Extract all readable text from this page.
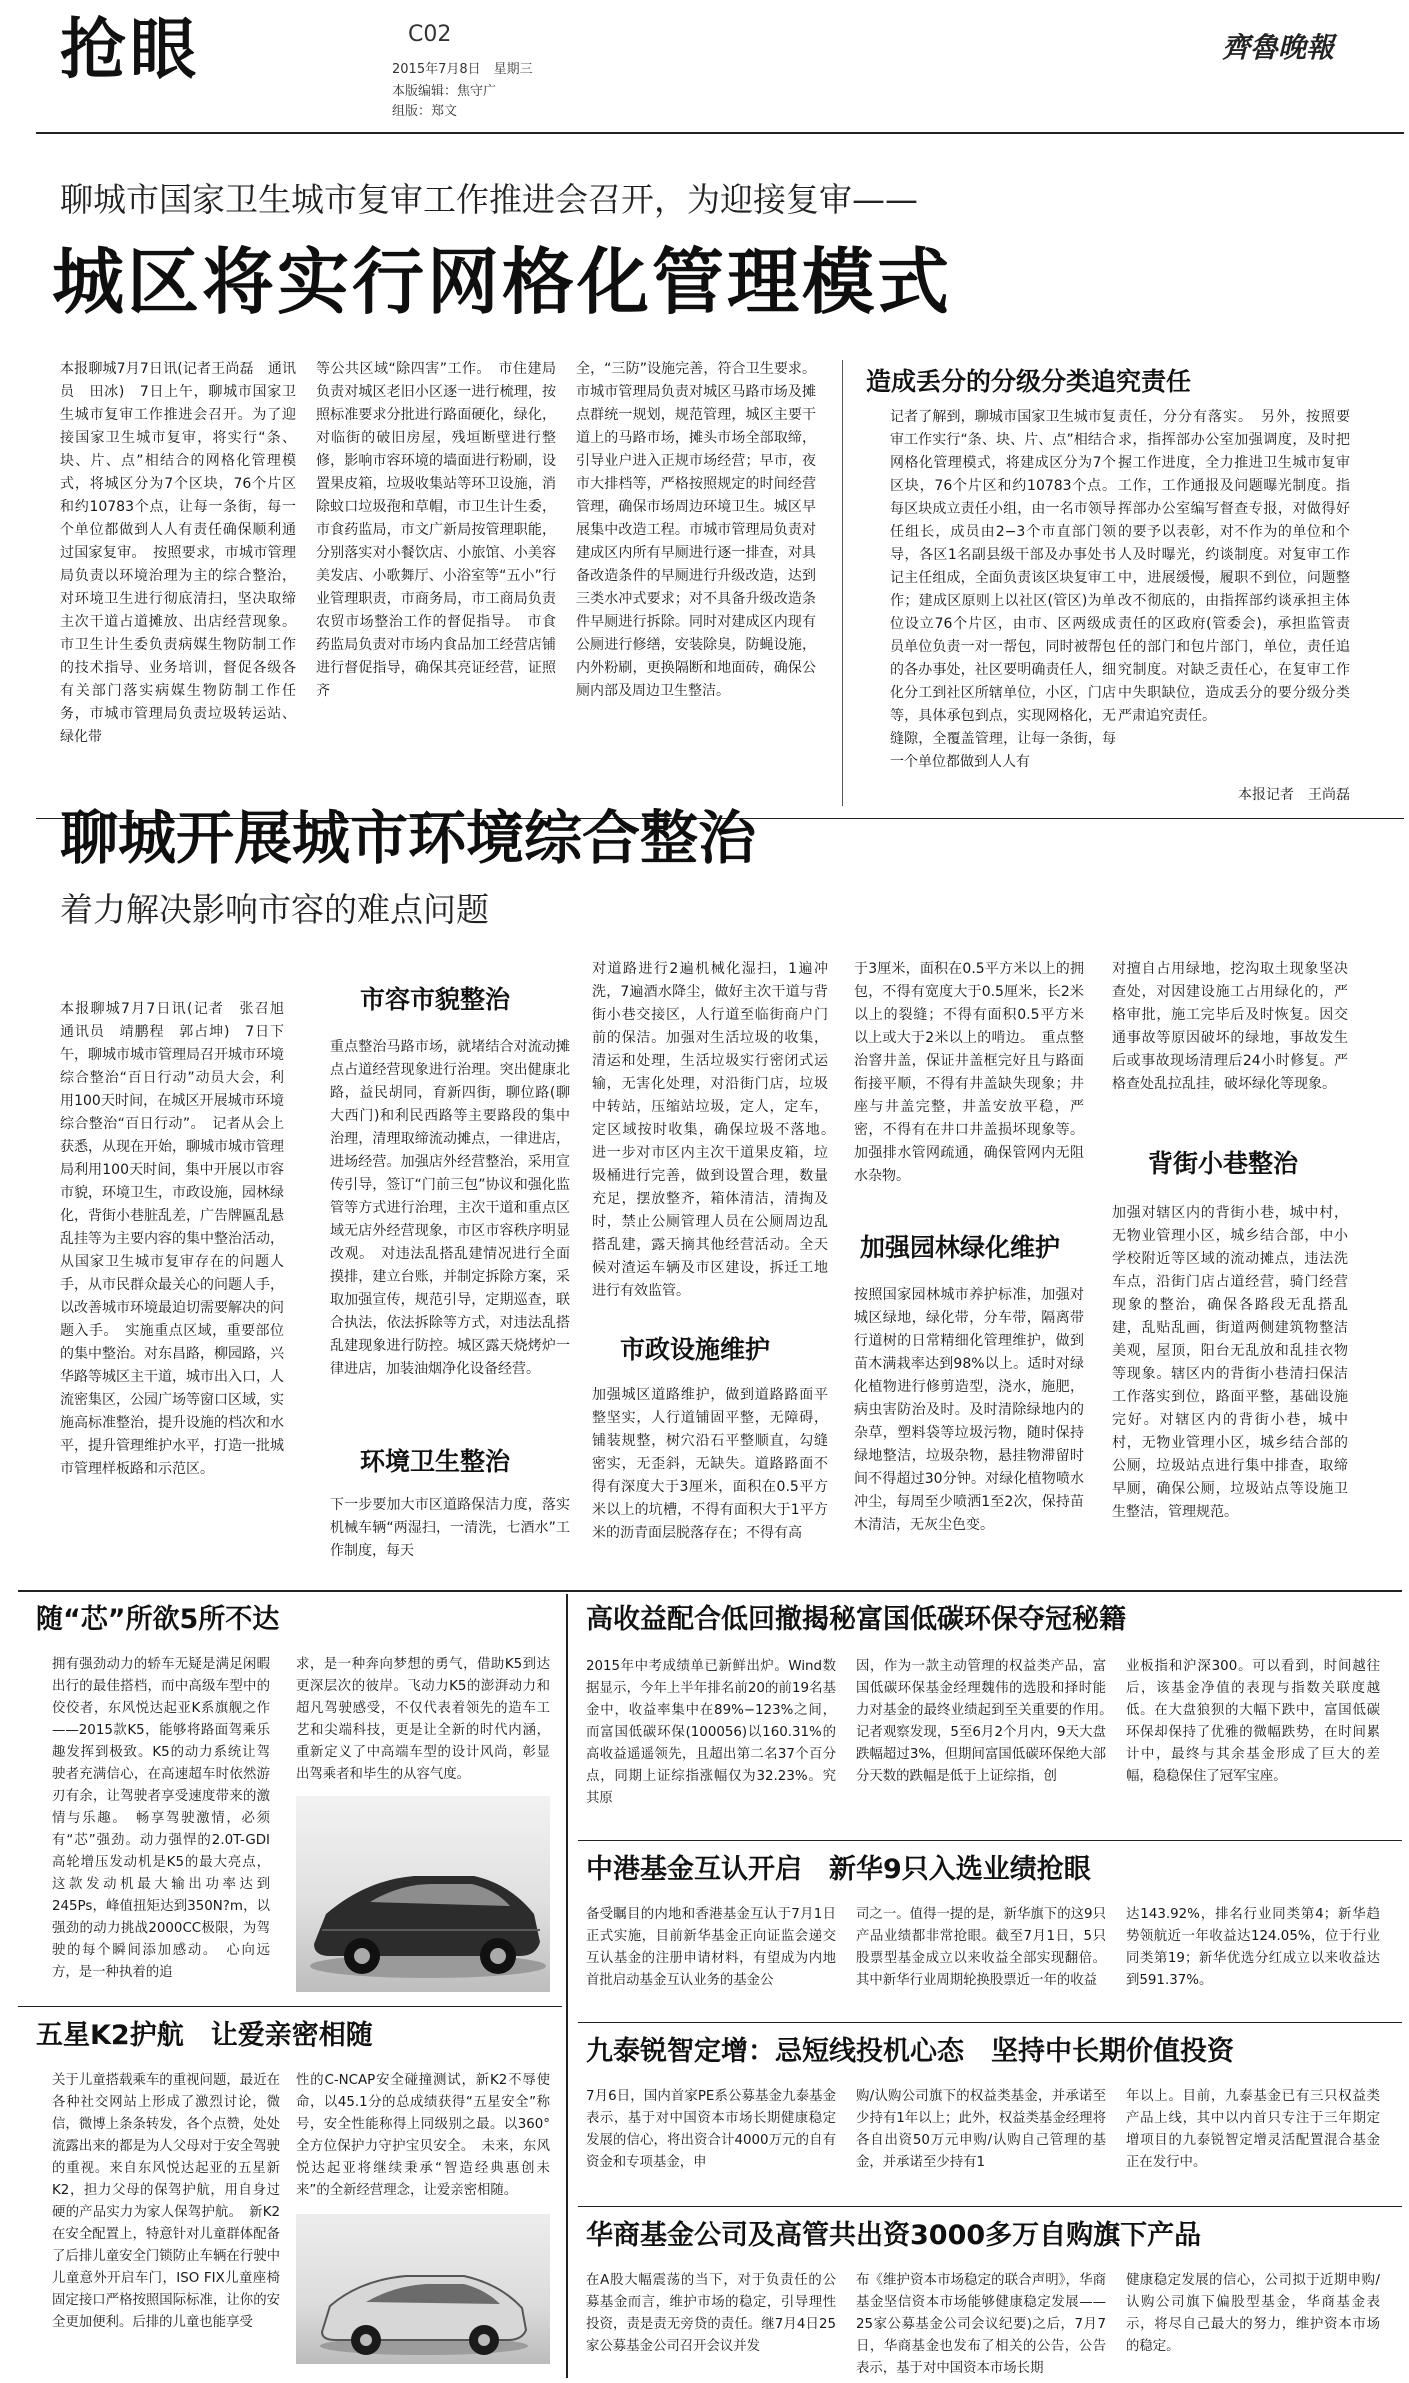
抢眼	C02
2015年7月8日　星期三
本版编辑：焦守广
组版：郑文
齊魯晚報
聊城市国家卫生城市复审工作推进会召开，为迎接复审——
城区将实行网格化管理模式
本报聊城7月7日讯(记者王尚磊　通讯员　田冰)　7日上午，聊城市国家卫生城市复审工作推进会召开。为了迎接国家卫生城市复审，将实行“条、块、片、点”相结合的网格化管理模式，将城区分为7个区块，76个片区和约10783个点，让每一条街，每一个单位都做到人人有责任确保顺利通过国家复审。　按照要求，市城市管理局负责以环境治理为主的综合整治，对环境卫生进行彻底清扫，坚决取缔主次干道占道摊放、出店经营现象。市卫生计生委负责病媒生物防制工作的技术指导、业务培训，督促各级各有关部门落实病媒生物防制工作任务，市城市管理局负责垃圾转运站、绿化带
等公共区域“除四害”工作。　市住建局负责对城区老旧小区逐一进行梳理，按照标准要求分批进行路面硬化，绿化，对临街的破旧房屋，残垣断壁进行整修，影响市容环境的墙面进行粉刷，设置果皮箱，垃圾收集站等环卫设施，消除蚊口垃圾孢和草帽，市卫生计生委，市食药监局，市文广新局按管理职能，分别落实对小餐饮店、小旅馆、小美容美发店、小歌舞厅、小浴室等“五小”行业管理职责，市商务局，市工商局负责农贸市场整治工作的督促指导。　市食药监局负责对市场内食品加工经营店铺进行督促指导，确保其亮证经营，证照齐
全，“三防”设施完善，符合卫生要求。市城市管理局负责对城区马路市场及摊点群统一规划，规范管理，城区主要干道上的马路市场，摊头市场全部取缔，引导业户进入正规市场经营；早市，夜市大排档等，严格按照规定的时间经营管理，确保市场周边环境卫生。城区早展集中改造工程。市城市管理局负责对建成区内所有早厕进行逐一排查，对具备改造条件的早厕进行升级改造，达到三类水冲式要求；对不具备升级改造条件早厕进行拆除。同时对建成区内现有公厕进行修缮，安装除臭，防蝇设施，内外粉刷，更换隔断和地面砖，确保公厕内部及周边卫生整洁。
造成丢分的分级分类追究责任
记者了解到，聊城市国家卫生城市复审工作实行“条、块、片、点”相结合网格化管理模式，将建成区分为7个区块，76个片区和约10783个点。每区块成立责任小组，由一名市领导任组长，成员由2−3个市直部门领导，各区1名副县级干部及办事处书记主任组成，全面负责该区块复审工作；建成区原则上以社区(管区)为单位设立76个片区，由市、区两级成员单位负责一对一帮包，同时被帮包的各办事处，社区要明确责任人，细化分工到社区所辖单位，小区，门店等，具体承包到点，实现网格化，无缝隙，全覆盖管理，让每一条街，每一个单位都做到人人有
责任，分分有落实。　另外，按照要求，指挥部办公室加强调度，及时把握工作进度，全力推进卫生城市复审工作，工作通报及问题曝光制度。指挥部办公室编写督查专报，对做得好的要予以表彰，对不作为的单位和个人及时曝光，约谈制度。对复审工作中，进展缓慢，履职不到位，问题整改不彻底的，由指挥部约谈承担主体责任的区政府(管委会)，承担监管责任的部门和包片部门，单位，责任追究制度。对缺乏责任心，在复审工作中失职缺位，造成丢分的要分级分类严肃追究责任。
本报记者　王尚磊
聊城开展城市环境综合整治
着力解决影响市容的难点问题
本报聊城7月7日讯(记者　张召旭　通讯员　靖鹏程　郭占坤)　7日下午，聊城市城市管理局召开城市环境综合整治“百日行动”动员大会，利用100天时间，在城区开展城市环境综合整治“百日行动”。　记者从会上获悉，从现在开始，聊城市城市管理局利用100天时间，集中开展以市容市貌，环境卫生，市政设施，园林绿化，背街小巷脏乱差，广告牌匾乱悬乱挂等为主要内容的集中整治活动，从国家卫生城市复审存在的问题人手，从市民群众最关心的问题人手，以改善城市环境最迫切需要解决的问题入手。　实施重点区域，重要部位的集中整治。对东昌路，柳园路，兴华路等城区主干道，城市出入口，人流密集区，公园广场等窗口区域，实施高标准整治，提升设施的档次和水平，提升管理维护水平，打造一批城市管理样板路和示范区。
市容市貌整治
重点整治马路市场，就堵结合对流动摊点占道经营现象进行治理。突出健康北路，益民胡同，育新四街，聊位路(聊大西门)和利民西路等主要路段的集中治理，清理取缔流动摊点，一律进店，进场经营。加强店外经营整治，采用宣传引导，签订“门前三包”协议和强化监管等方式进行治理，主次干道和重点区域无店外经营现象，市区市容秩序明显改观。　对违法乱搭乱建情况进行全面摸排，建立台账，并制定拆除方案，采取加强宣传，规范引导，定期巡查，联合执法，依法拆除等方式，对违法乱搭乱建现象进行防控。城区露天烧烤炉一律进店，加装油烟净化设备经营。
环境卫生整治
下一步要加大市区道路保洁力度，落实机械车辆“两湿扫，一清洗，七酒水”工作制度，每天
对道路进行2遍机械化湿扫，1遍冲洗，7遍酒水降尘，做好主次干道与背街小巷交接区，人行道至临街商户门前的保洁。加强对生活垃圾的收集，清运和处理，生活垃圾实行密闭式运输，无害化处理，对沿街门店，垃圾中转站，压缩站垃圾，定人，定车，定区域按时收集，确保垃圾不落地。　进一步对市区内主次干道果皮箱，垃圾桶进行完善，做到设置合理，数量充足，摆放整齐，箱体清洁，清掏及时，禁止公厕管理人员在公厕周边乱搭乱建，露天摘其他经营活动。全天候对渣运车辆及市区建设，拆迁工地进行有效监管。
市政设施维护
加强城区道路维护，做到道路路面平整坚实，人行道铺固平整，无障碍，铺装规整，树穴沿石平整顺直，勾缝密实，无歪斜，无缺失。道路路面不得有深度大于3厘米，面积在0.5平方米以上的坑槽，不得有面积大于1平方米的沥青面层脱落存在；不得有高
于3厘米，面积在0.5平方米以上的拥包，不得有宽度大于0.5厘米，长2米以上的裂缝；不得有面积0.5平方米以上或大于2米以上的啃边。　重点整治窨井盖，保证井盖框完好且与路面衔接平顺，不得有井盖缺失现象；井座与井盖完整，井盖安放平稳，严密，不得有在井口井盖损坏现象等。加强排水管网疏通，确保管网内无阻水杂物。
加强园林绿化维护
按照国家园林城市养护标准，加强对城区绿地，绿化带，分车带，隔离带行道树的日常精细化管理维护，做到苗木满栽率达到98%以上。适时对绿化植物进行修剪造型，浇水，施肥，病虫害防治及时。及时清除绿地内的杂草，塑料袋等垃圾污物，随时保持绿地整洁，垃圾杂物，悬挂物滞留时间不得超过30分钟。对绿化植物喷水冲尘，每周至少喷洒1至2次，保持苗木清洁，无灰尘色变。
对擅自占用绿地，挖沟取土现象坚决查处，对因建设施工占用绿化的，严格审批，施工完毕后及时恢复。因交通事故等原因破坏的绿地，事故发生后或事故现场清理后24小时修复。严格查处乱拉乱挂，破坏绿化等现象。
背街小巷整治
加强对辖区内的背街小巷，城中村，无物业管理小区，城乡结合部，中小学校附近等区域的流动摊点，违法洗车点，沿街门店占道经营，骑门经营现象的整治，确保各路段无乱搭乱建，乱贴乱画，街道两侧建筑物整洁美观，屋顶，阳台无乱放和乱挂衣物等现象。辖区内的背街小巷清扫保洁工作落实到位，路面平整，基础设施完好。对辖区内的背街小巷，城中村，无物业管理小区，城乡结合部的公厕，垃圾站点进行集中排查，取缔早厕，确保公厕，垃圾站点等设施卫生整洁，管理规范。
随“芯”所欲5所不达
拥有强劲动力的轿车无疑是满足闲暇出行的最佳搭档，而中高级车型中的佼佼者，东风悦达起亚K系旗舰之作——2015款K5，能够将路面驾乘乐趣发挥到极致。K5的动力系统让驾驶者充满信心，在高速超车时依然游刃有余，让驾驶者享受速度带来的激情与乐趣。　畅享驾驶激情，必须有“芯”强劲。动力强悍的2.0T-GDI高轮增压发动机是K5的最大亮点，这款发动机最大输出功率达到245Ps，峰值扭矩达到350N?m，以强劲的动力挑战2000CC极限，为驾驶的每个瞬间添加感动。　心向远方，是一种执着的追
求，是一种奔向梦想的勇气，借助K5到达更深层次的彼岸。飞动力K5的澎湃动力和超凡驾驶感受，不仅代表着领先的造车工艺和尖端科技，更是让全新的时代内涵，重新定义了中高端车型的设计风尚，彰显出驾乘者和毕生的从容气度。
五星K2护航　让爱亲密相随
关于儿童搭载乘车的重视问题，最近在各种社交网站上形成了激烈讨论，微信，微博上条条转发，各个点赞，处处流露出来的都是为人父母对于安全驾驶的重视。来自东风悦达起亚的五星新K2，担力父母的保驾护航，用自身过硬的产品实力为家人保驾护航。　新K2在安全配置上，特意针对儿童群体配备了后排儿童安全门锁防止车辆在行驶中儿童意外开启车门，ISO FIX儿童座椅固定接口严格按照国际标准，让你的安全更加便利。后排的儿童也能享受
性的C-NCAP安全碰撞测试，新K2不辱使命，以45.1分的总成绩获得“五星安全”称号，安全性能称得上同级别之最。以360°全方位保护力守护宝贝安全。　未来，东风悦达起亚将继续秉承“智造经典惠创未来”的全新经营理念，让爱亲密相随。
高收益配合低回撤揭秘富国低碳环保夺冠秘籍
2015年中考成绩单已新鲜出炉。Wind数据显示，今年上半年排名前20的前19名基金中，收益率集中在89%−123%之间，而富国低碳环保(100056)以160.31%的高收益遥遥领先，且超出第二名37个百分点，同期上证综指涨幅仅为32.23%。究其原
因，作为一款主动管理的权益类产品，富国低碳环保基金经理魏伟的选股和择时能力对基金的最终业绩起到至关重要的作用。　记者观察发现，5至6月2个月内，9天大盘跌幅超过3%，但期间富国低碳环保绝大部分天数的跌幅是低于上证综指，创
业板指和沪深300。可以看到，时间越往后，该基金净值的表现与指数关联度越低。在大盘狼狈的大幅下跌中，富国低碳环保却保持了优雅的微幅跌势，在时间累计中，最终与其余基金形成了巨大的差幅，稳稳保住了冠军宝座。
中港基金互认开启　新华9只入选业绩抢眼
备受瞩目的内地和香港基金互认于7月1日正式实施，目前新华基金正向证监会递交互认基金的注册申请材料，有望成为内地首批启动基金互认业务的基金公
司之一。值得一提的是，新华旗下的这9只产品业绩都非常抢眼。截至7月1日，5只股票型基金成立以来收益全部实现翻倍。其中新华行业周期轮换股票近一年的收益
达143.92%，排名行业同类第4；新华趋势领航近一年收益达124.05%，位于行业同类第19；新华优选分红成立以来收益达到591.37%。
九泰锐智定增：忌短线投机心态　坚持中长期价值投资
7月6日，国内首家PE系公募基金九泰基金表示，基于对中国资本市场长期健康稳定发展的信心，将出资合计4000万元的自有资金和专项基金，申
购/认购公司旗下的权益类基金，并承诺至少持有1年以上；此外，权益类基金经理将各自出资50万元申购/认购自己管理的基金，并承诺至少持有1
年以上。目前，九泰基金已有三只权益类产品上线，其中以内首只专注于三年期定增项目的九泰锐智定增灵活配置混合基金正在发行中。
华商基金公司及高管共出资3000多万自购旗下产品
在A股大幅震荡的当下，对于负责任的公募基金而言，维护市场的稳定，引导理性投资，责是责无旁贷的责任。继7月4日25家公募基金公司召开会议并发
布《维护资本市场稳定的联合声明》，华商基金坚信资本市场能够健康稳定发展——25家公募基金公司会议纪要)之后，7月7日，华商基金也发布了相关的公告，公告表示，基于对中国资本市场长期
健康稳定发展的信心，公司拟于近期申购/认购公司旗下偏股型基金，华商基金表示，将尽自己最大的努力，维护资本市场的稳定。
